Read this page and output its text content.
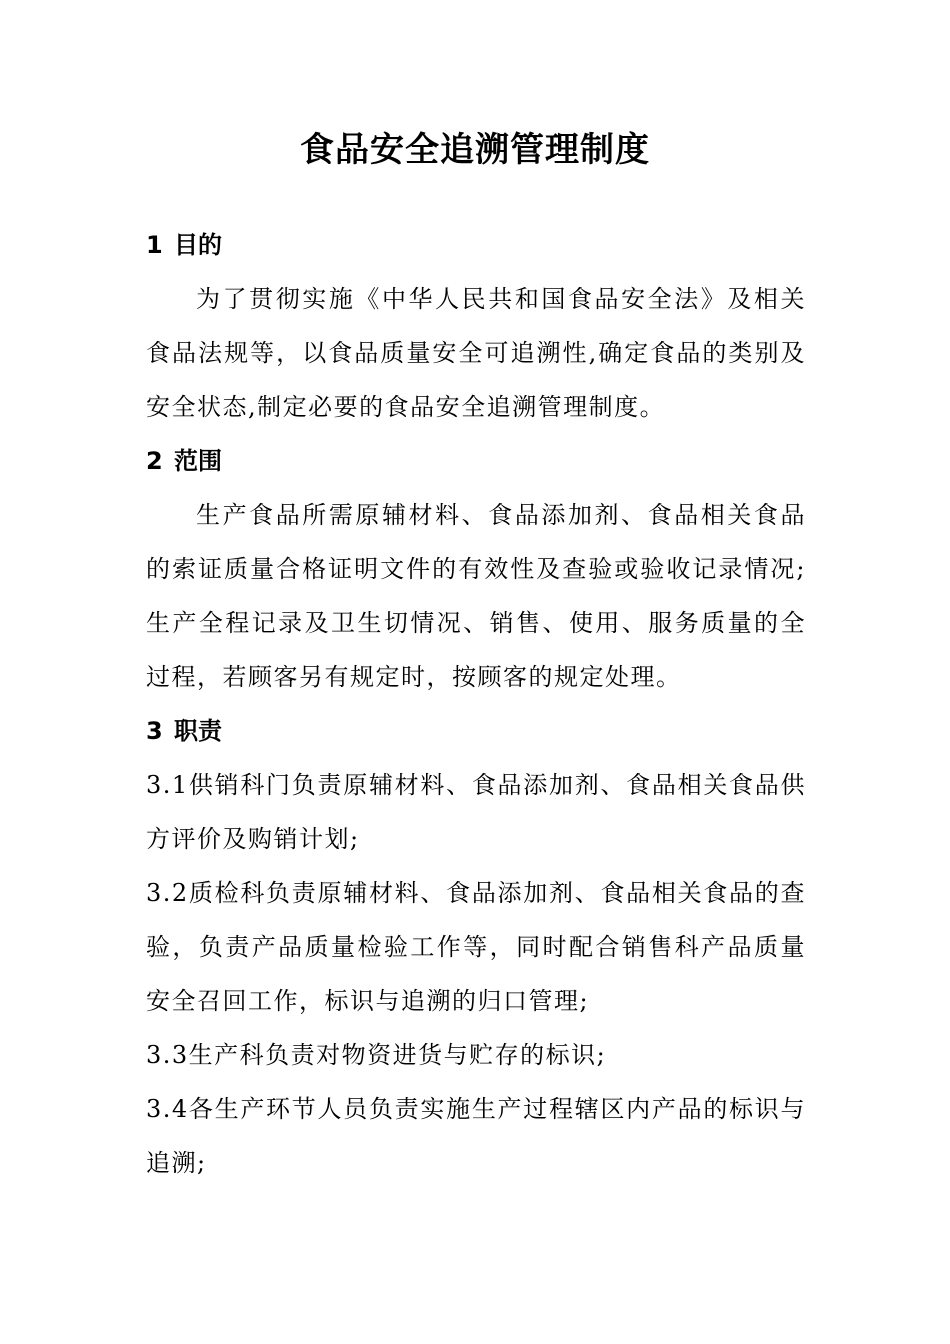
食品安全追溯管理制度
1 目的

为了贯彻实施《中华人民共和国食品安全法》及相关食品法规等，以食品质量安全可追溯性,确定食品的类别及安全状态,制定必要的食品安全追溯管理制度。

2 范围

生产食品所需原辅材料、食品添加剂、食品相关食品的索证质量合格证明文件的有效性及查验或验收记录情况;生产全程记录及卫生切情况、销售、使用、服务质量的全过程，若顾客另有规定时，按顾客的规定处理。

3 职责

3.1供销科门负责原辅材料、食品添加剂、食品相关食品供方评价及购销计划;

3.2质检科负责原辅材料、食品添加剂、食品相关食品的查验，负责产品质量检验工作等，同时配合销售科产品质量安全召回工作，标识与追溯的归口管理;

3.3生产科负责对物资进货与贮存的标识;

3.4各生产环节人员负责实施生产过程辖区内产品的标识与追溯;
